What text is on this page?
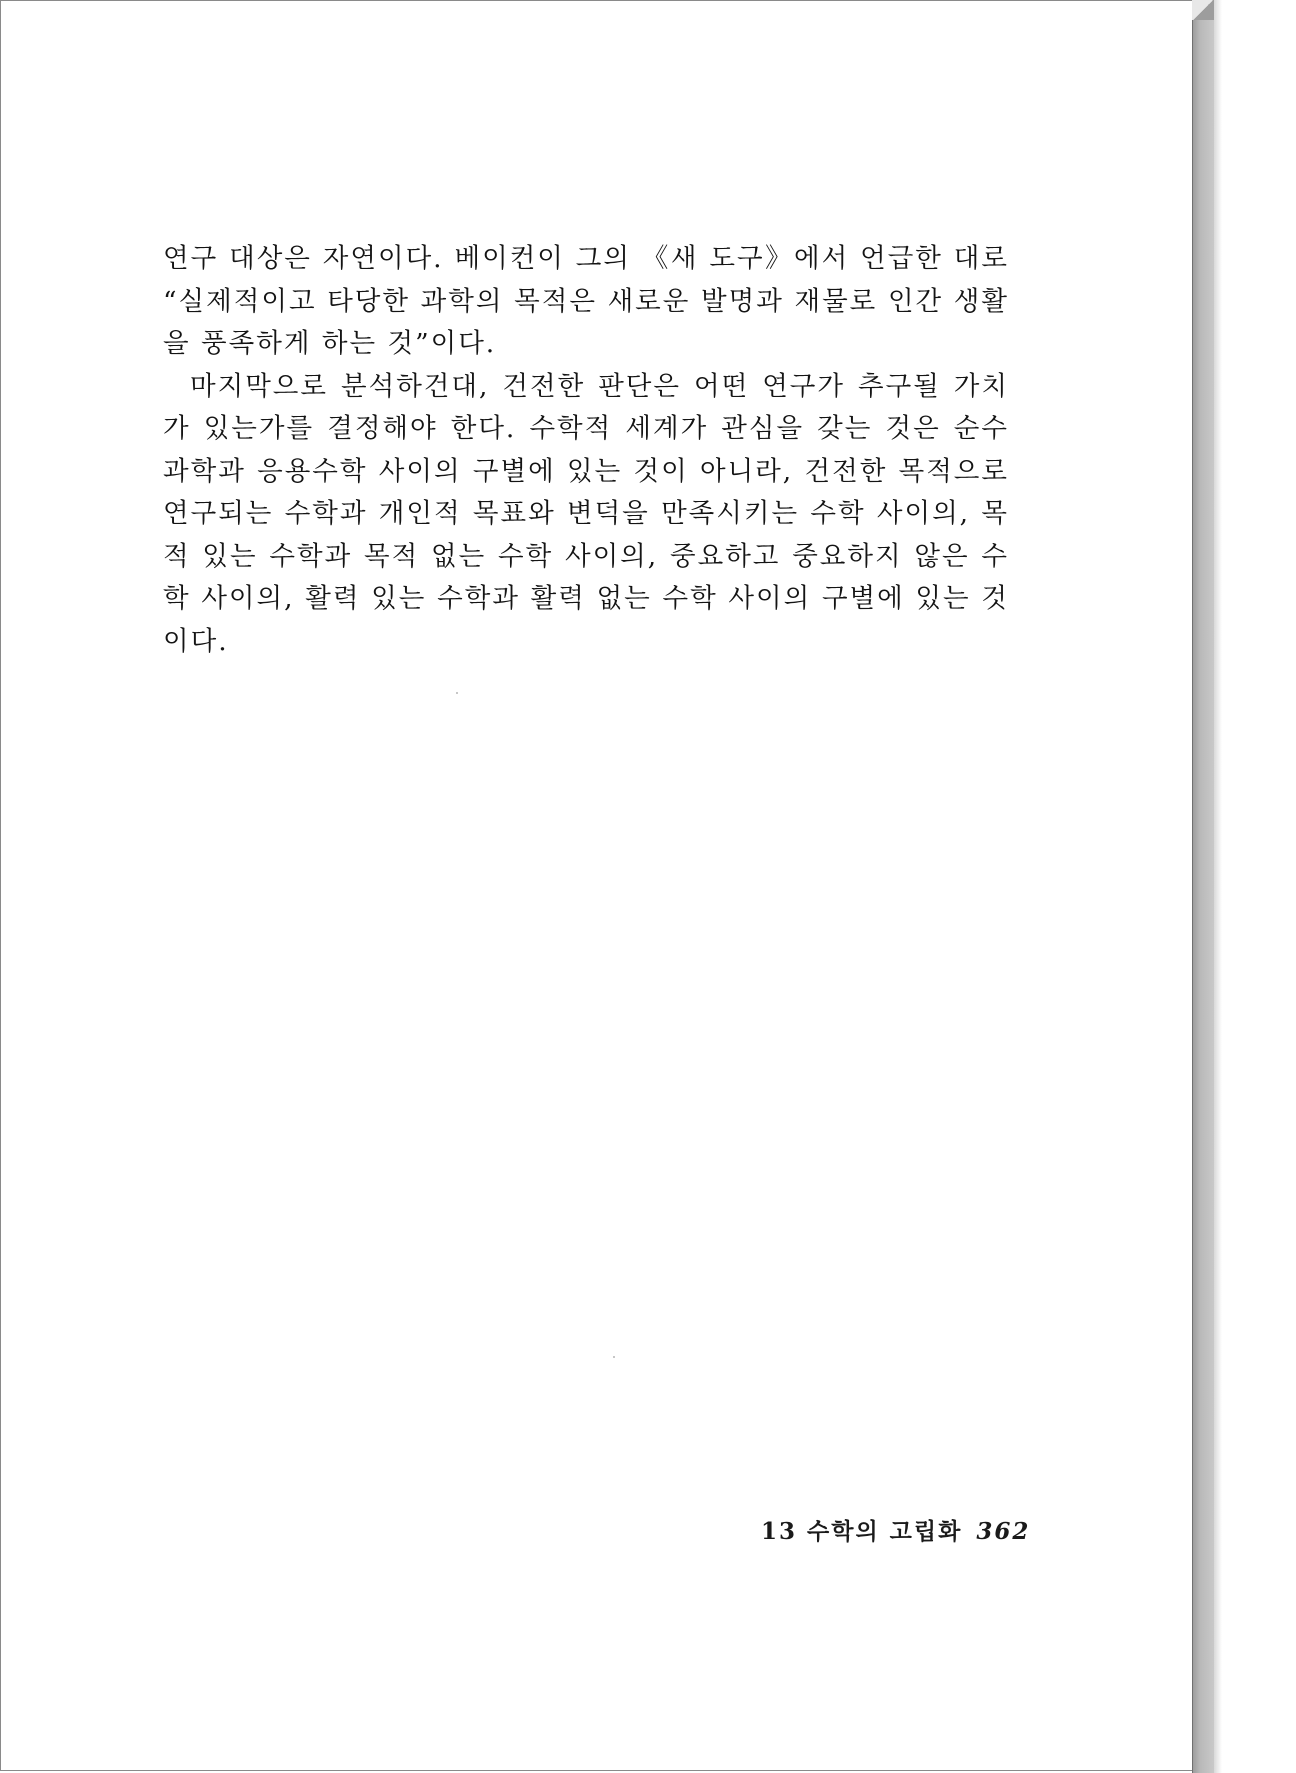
연구 대상은 자연이다. 베이컨이 그의 《새 도구》에서 언급한 대로 “실제적이고 타당한 과학의 목적은 새로운 발명과 재물로 인간 생활을 풍족하게 하는 것”이다.

마지막으로 분석하건대, 건전한 판단은 어떤 연구가 추구될 가치가 있는가를 결정해야 한다. 수학적 세계가 관심을 갖는 것은 순수과학과 응용수학 사이의 구별에 있는 것이 아니라, 건전한 목적으로 연구되는 수학과 개인적 목표와 변덕을 만족시키는 수학 사이의, 목적 있는 수학과 목적 없는 수학 사이의, 중요하고 중요하지 않은 수학 사이의, 활력 있는 수학과 활력 없는 수학 사이의 구별에 있는 것이다.

13 수학의 고립화 362
